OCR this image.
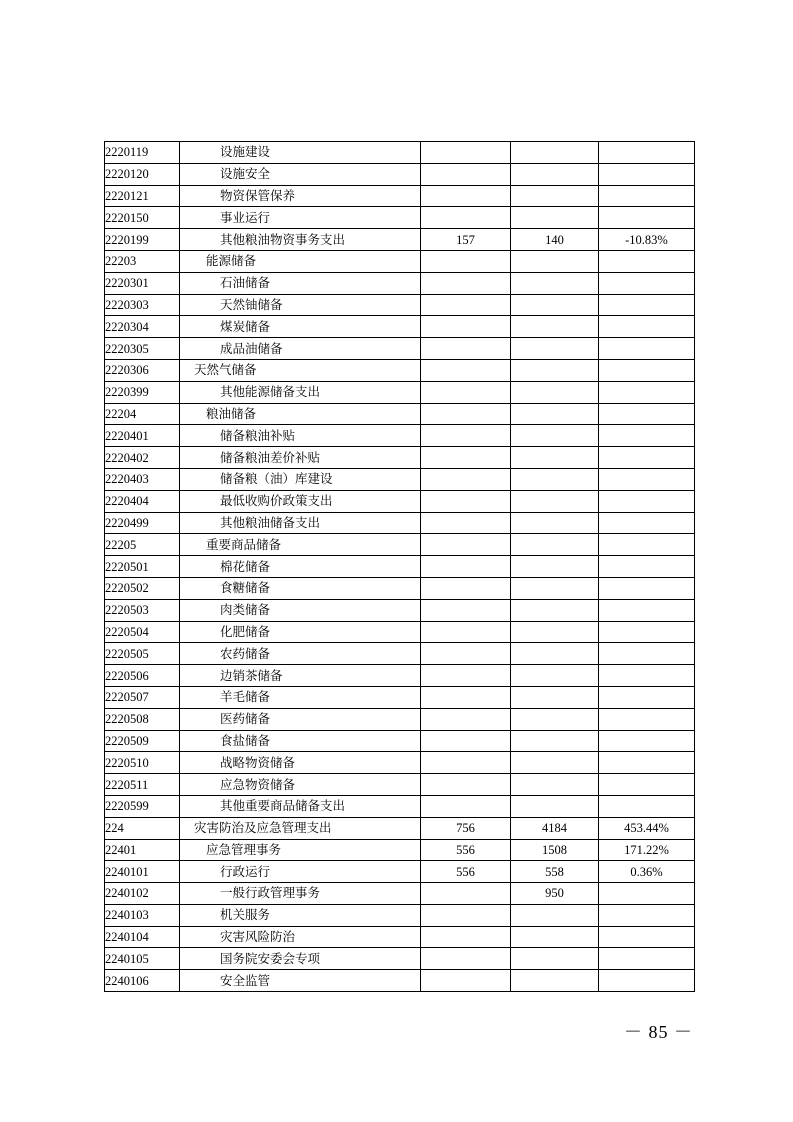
2220119	设施建设			
2220120	设施安全			
2220121	物资保管保养			
2220150	事业运行			
2220199	其他粮油物资事务支出	157	140	-10.83%
22203	能源储备			
2220301	石油储备			
2220303	天然铀储备			
2220304	煤炭储备			
2220305	成品油储备			
2220306	天然气储备			
2220399	其他能源储备支出			
22204	粮油储备			
2220401	储备粮油补贴			
2220402	储备粮油差价补贴			
2220403	储备粮（油）库建设			
2220404	最低收购价政策支出			
2220499	其他粮油储备支出			
22205	重要商品储备			
2220501	棉花储备			
2220502	食糖储备			
2220503	肉类储备			
2220504	化肥储备			
2220505	农药储备			
2220506	边销茶储备			
2220507	羊毛储备			
2220508	医药储备			
2220509	食盐储备			
2220510	战略物资储备			
2220511	应急物资储备			
2220599	其他重要商品储备支出			
224	灾害防治及应急管理支出	756	4184	453.44%
22401	应急管理事务	556	1508	171.22%
2240101	行政运行	556	558	0.36%
2240102	一般行政管理事务		950	
2240103	机关服务			
2240104	灾害风险防治			
2240105	国务院安委会专项			
2240106	安全监管			
－ 85 －
